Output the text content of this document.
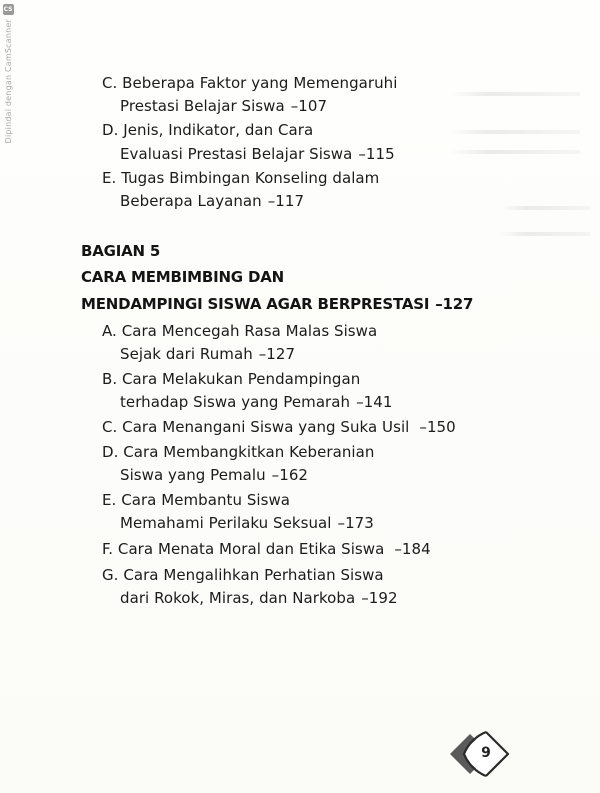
CS
Dipindai dengan CamScanner	C. Beberapa Faktor yang Memengaruhi
Prestasi Belajar Siswa –107
D. Jenis, Indikator, dan Cara
Evaluasi Prestasi Belajar Siswa –115
E. Tugas Bimbingan Konseling dalam
Beberapa Layanan –117
BAGIAN 5
CARA MEMBIMBING DAN
MENDAMPINGI SISWA AGAR BERPRESTASI –127
A. Cara Mencegah Rasa Malas Siswa
Sejak dari Rumah –127
B. Cara Melakukan Pendampingan
terhadap Siswa yang Pemarah –141
C. Cara Menangani Siswa yang Suka Usil –150
D. Cara Membangkitkan Keberanian
Siswa yang Pemalu –162
E. Cara Membantu Siswa
Memahami Perilaku Seksual –173
F. Cara Menata Moral dan Etika Siswa –184
G. Cara Mengalihkan Perhatian Siswa
dari Rokok, Miras, dan Narkoba –192
9
